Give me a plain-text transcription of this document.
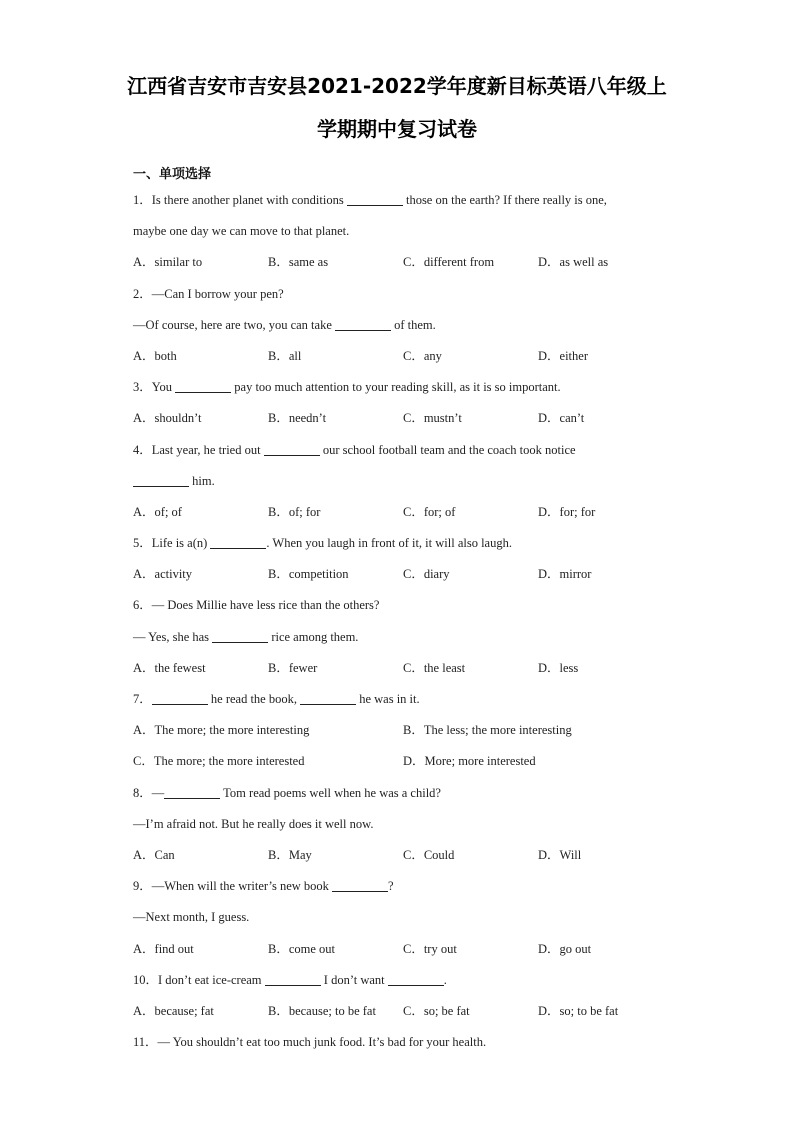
江西省吉安市吉安县2021-2022学年度新目标英语八年级上
学期期中复习试卷
一、单项选择
1．Is there another planet with conditions	those on the earth? If there really is one,
maybe one day we can move to that planet.
A．similar to	B．same as	C．different from	D．as well as
2．—Can I borrow your pen?
—Of course, here are two, you can take	of them.
A．both	B．all	C．any	D．either
3．You	pay too much attention to your reading skill, as it is so important.
A．shouldn’t	B．needn’t	C．mustn’t	D．can’t
4．Last year, he tried out	our school football team and the coach took notice
him.
A．of; of	B．of; for	C．for; of	D．for; for
5．Life is a(n)	. When you laugh in front of it, it will also laugh.
A．activity	B．competition	C．diary	D．mirror
6．— Does Millie have less rice than the others?
— Yes, she has	rice among them.
A．the fewest	B．fewer	C．the least	D．less
7．	he read the book,	he was in it.
A．The more; the more interesting	B．The less; the more interesting
C．The more; the more interested	D．More; more interested
8．—	Tom read poems well when he was a child?
—I’m afraid not. But he really does it well now.
A．Can	B．May	C．Could	D．Will
9．—When will the writer’s new book	?
—Next month, I guess.
A．find out	B．come out	C．try out	D．go out
10．I don’t eat ice-cream	I don’t want	.
A．because; fat	B．because; to be fat	C．so; be fat	D．so; to be fat
11．— You shouldn’t eat too much junk food. It’s bad for your health.
